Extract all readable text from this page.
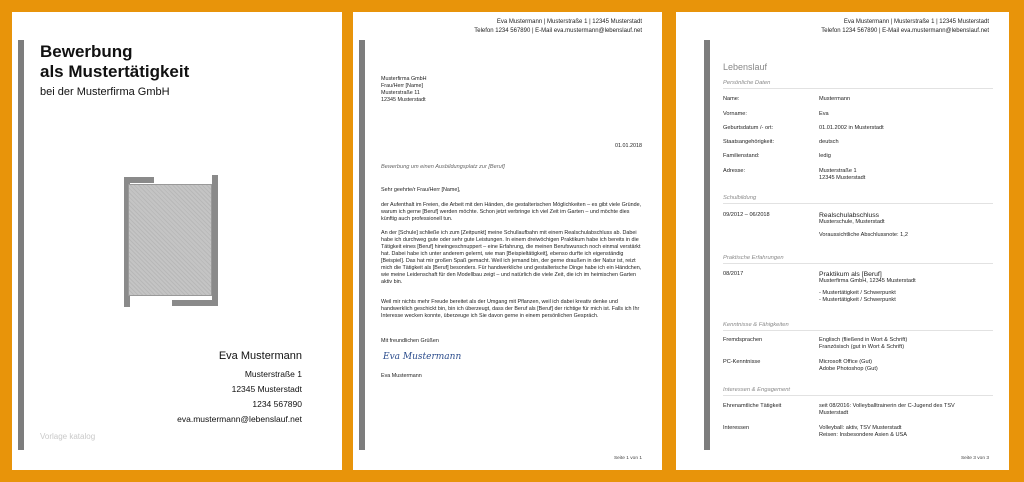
Bewerbung
als Mustertätigkeit
bei der Musterfirma GmbH
Eva Mustermann
Musterstraße 1
12345 Musterstadt
1234 567890
eva.mustermann@lebenslauf.net
Vorlage katalog
Eva Mustermann | Musterstraße 1 | 12345 Musterstadt
Telefon 1234 567890 | E-Mail eva.mustermann@lebenslauf.net
Musterfirma GmbH
Frau/Herr [Name]
Musterstraße 11
12345 Musterstadt
01.01.2018
Bewerbung um einen Ausbildungsplatz zur [Beruf]
Sehr geehrte/r Frau/Herr [Name],
der Aufenthalt im Freien, die Arbeit mit den Händen, die gestalterischen Möglichkeiten – es gibt viele Gründe, warum ich gerne [Beruf] werden möchte. Schon jetzt verbringe ich viel Zeit im Garten – und möchte dies künftig auch professionell tun.
An der [Schule] schließe ich zum [Zeitpunkt] meine Schullaufbahn mit einem Realschulabschluss ab. Dabei habe ich durchweg gute oder sehr gute Leistungen. In einem dreiwöchigen Praktikum habe ich bereits in die Tätigkeit eines [Beruf] hineingeschnuppert – eine Erfahrung, die meinen Berufswunsch noch einmal verstärkt hat. Dabei habe ich unter anderem gelernt, wie man [Beispieltätigkeit], ebenso durfte ich eigenständig [Beispiel]. Das hat mir großen Spaß gemacht. Weil ich jemand bin, der gerne draußen in der Natur ist, reizt mich die Tätigkeit als [Beruf] besonders. Für handwerkliche und gestalterische Dinge habe ich ein Händchen, wie meine Leidenschaft für den Modellbau zeigt – und natürlich die viele Zeit, die ich im heimischen Garten aktiv bin.
Weil mir nichts mehr Freude bereitet als der Umgang mit Pflanzen, weil ich dabei kreativ denke und handwerklich geschickt bin, bin ich überzeugt, dass der Beruf als [Beruf] der richtige für mich ist. Falls ich Ihr Interesse wecken konnte, überzeuge ich Sie davon gerne in einem persönlichen Gespräch.
Mit freundlichen Grüßen
Eva Mustermann
Eva Mustermann
Seite 1 von 1
Eva Mustermann | Musterstraße 1 | 12345 Musterstadt
Telefon 1234 567890 | E-Mail eva.mustermann@lebenslauf.net
Lebenslauf
Persönliche Daten
Name:	Mustermann
Vorname:	Eva
Geburtsdatum /- ort:	01.01.2002 in Musterstadt
Staatsangehörigkeit:	deutsch
Familienstand:	ledig
Adresse:	Musterstraße 1
12345 Musterstadt
Schulbildung
09/2012 – 06/2018	Realschulabschluss
Musterschule, Musterstadt
Voraussichtliche Abschlussnote: 1,2
Praktische Erfahrungen
08/2017	Praktikum als [Beruf]
Musterfirma GmbH, 12345 Musterstadt
- Mustertätigkeit / Schwerpunkt
- Mustertätigkeit / Schwerpunkt
Kenntnisse & Fähigkeiten
Fremdsprachen	Englisch (fließend in Wort & Schrift)
Französisch (gut in Wort & Schrift)
PC-Kenntnisse	Microsoft Office (Gut)
Adobe Photoshop (Gut)
Interessen & Engagement
Ehrenamtliche Tätigkeit	seit 08/2016: Volleyballtrainerin der C-Jugend des TSV
Musterstadt
Interessen	Volleyball: aktiv, TSV Musterstadt
Reisen: Insbesondere Asien & USA
Seite 3 von 3
